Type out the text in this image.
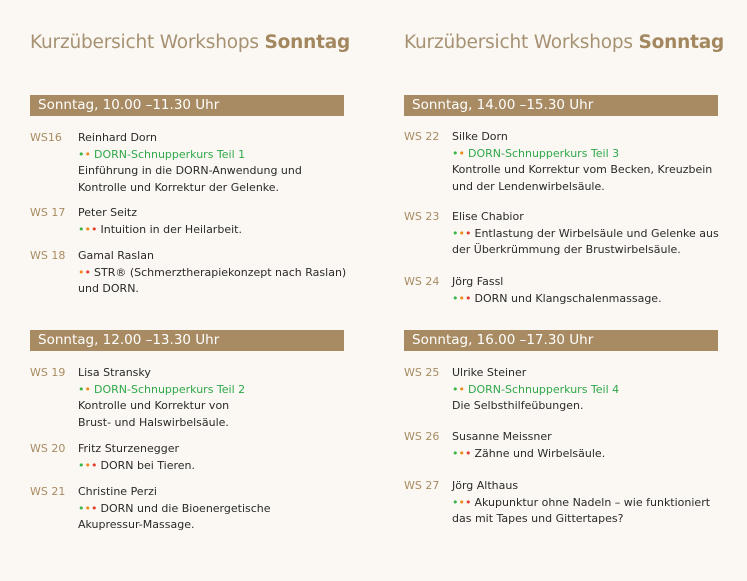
Kurzübersicht Workshops Sonntag
Sonntag, 10.00 –11.30 Uhr
WS16 Reinhard Dorn
•• DORN-Schnupperkurs Teil 1
Einführung in die DORN-Anwendung und
Kontrolle und Korrektur der Gelenke.
WS 17 Peter Seitz
••• Intuition in der Heilarbeit.
WS 18 Gamal Raslan
•• STR® (Schmerztherapiekonzept nach Raslan)
und DORN.
Sonntag, 12.00 –13.30 Uhr
WS 19 Lisa Stransky
•• DORN-Schnupperkurs Teil 2
Kontrolle und Korrektur von
Brust- und Halswirbelsäule.
WS 20 Fritz Sturzenegger
••• DORN bei Tieren.
WS 21 Christine Perzi
••• DORN und die Bioenergetische
Akupressur-Massage.
Kurzübersicht Workshops Sonntag
Sonntag, 14.00 –15.30 Uhr
WS 22 Silke Dorn
•• DORN-Schnupperkurs Teil 3
Kontrolle und Korrektur vom Becken, Kreuzbein
und der Lendenwirbelsäule.
WS 23 Elise Chabior
••• Entlastung der Wirbelsäule und Gelenke aus
der Überkrümmung der Brustwirbelsäule.
WS 24 Jörg Fassl
••• DORN und Klangschalenmassage.
Sonntag, 16.00 –17.30 Uhr
WS 25 Ulrike Steiner
•• DORN-Schnupperkurs Teil 4
Die Selbsthilfeübungen.
WS 26 Susanne Meissner
••• Zähne und Wirbelsäule.
WS 27 Jörg Althaus
••• Akupunktur ohne Nadeln – wie funktioniert
das mit Tapes und Gittertapes?
